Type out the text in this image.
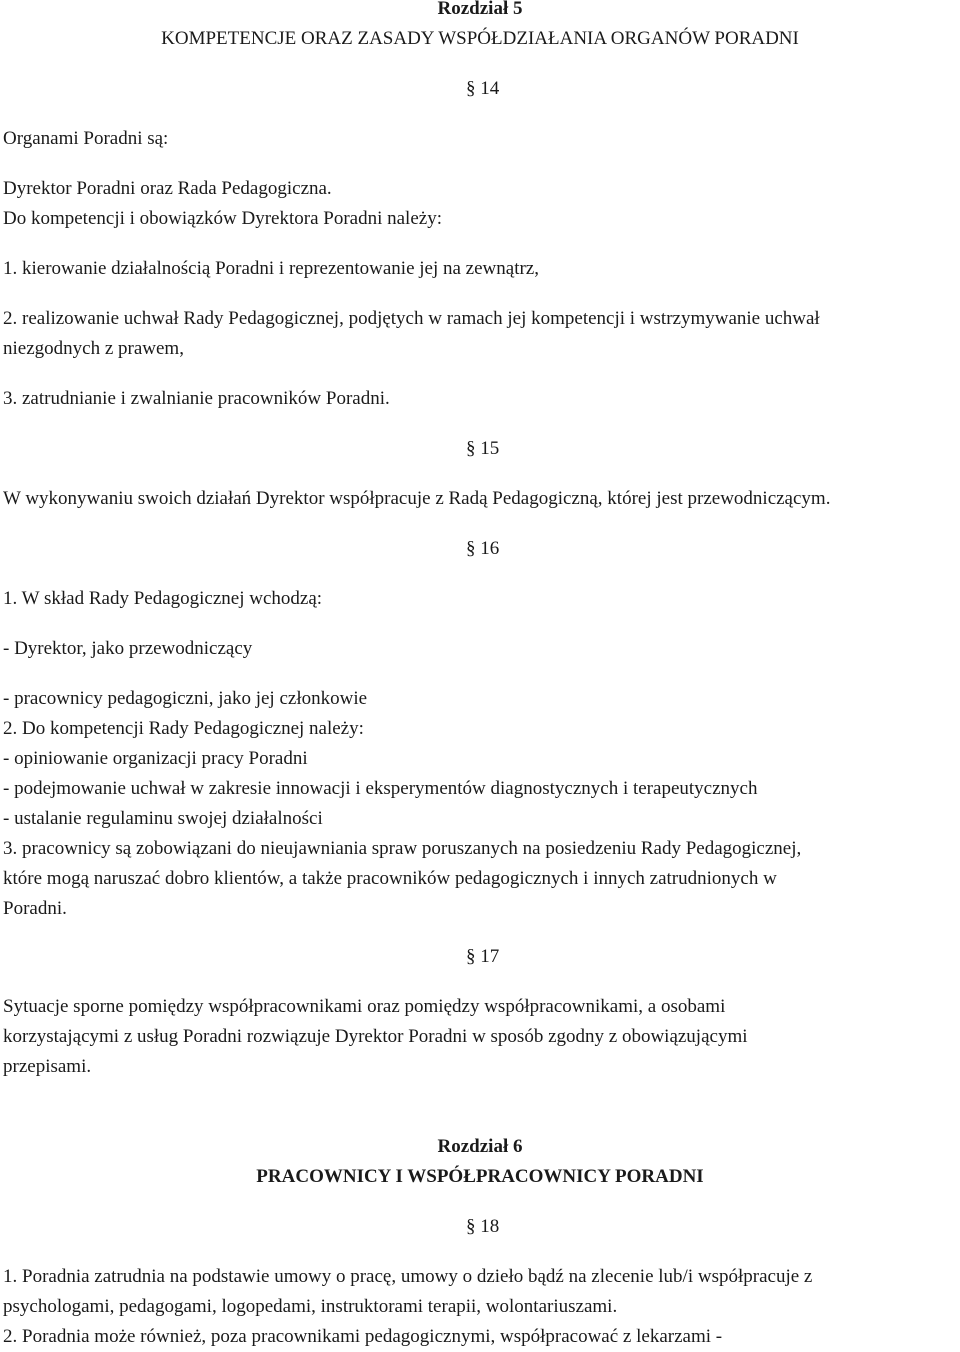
Rozdział 5

KOMPETENCJE ORAZ ZASADY WSPÓŁDZIAŁANIA ORGANÓW PORADNI

§ 14

Organami Poradni są:

Dyrektor Poradni oraz Rada Pedagogiczna.

Do kompetencji i obowiązków Dyrektora Poradni należy:

1. kierowanie działalnością Poradni i reprezentowanie jej na zewnątrz,

2. realizowanie uchwał Rady Pedagogicznej, podjętych w ramach jej kompetencji i wstrzymywanie uchwał

niezgodnych z prawem,

3. zatrudnianie i zwalnianie pracowników Poradni.

§ 15

W wykonywaniu swoich działań Dyrektor współpracuje z Radą Pedagogiczną, której jest przewodniczącym.

§ 16

1. W skład Rady Pedagogicznej wchodzą:

- Dyrektor, jako przewodniczący

- pracownicy pedagogiczni, jako jej członkowie

2. Do kompetencji Rady Pedagogicznej należy:

- opiniowanie organizacji pracy Poradni

- podejmowanie uchwał w zakresie innowacji i eksperymentów diagnostycznych i terapeutycznych

- ustalanie regulaminu swojej działalności

3. pracownicy są zobowiązani do nieujawniania spraw poruszanych na posiedzeniu Rady Pedagogicznej,

które mogą naruszać dobro klientów, a także pracowników pedagogicznych i innych zatrudnionych w

Poradni.

§ 17

Sytuacje sporne pomiędzy współpracownikami oraz pomiędzy współpracownikami, a osobami

korzystającymi z usług Poradni rozwiązuje Dyrektor Poradni w sposób zgodny z obowiązującymi

przepisami.

Rozdział 6

PRACOWNICY I WSPÓŁPRACOWNICY PORADNI

§ 18

1. Poradnia zatrudnia na podstawie umowy o pracę, umowy o dzieło bądź na zlecenie lub/i współpracuje z

psychologami, pedagogami, logopedami, instruktorami terapii, wolontariuszami.

2. Poradnia może również, poza pracownikami pedagogicznymi, współpracować z lekarzami -
